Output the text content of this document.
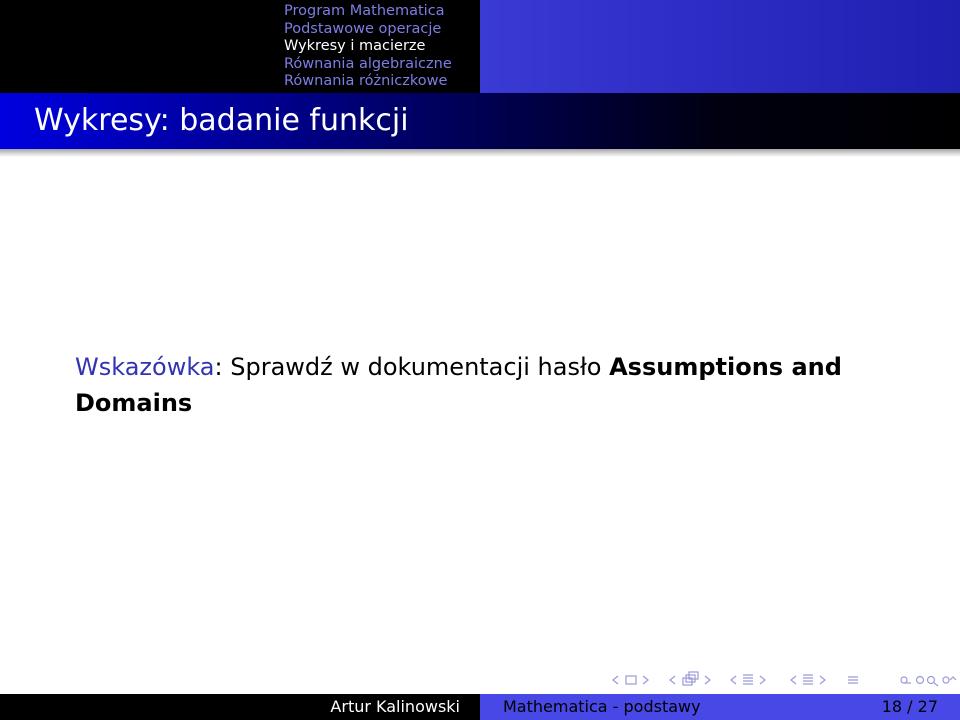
Program Mathematica
Podstawowe operacje
Wykresy i macierze
Równania algebraiczne
Równania różniczkowe
Wykresy: badanie funkcji

Wskazówka: Sprawdź w dokumentacji hasło Assumptions and Domains

Artur Kalinowski	Mathematica - podstawy	18 / 27
